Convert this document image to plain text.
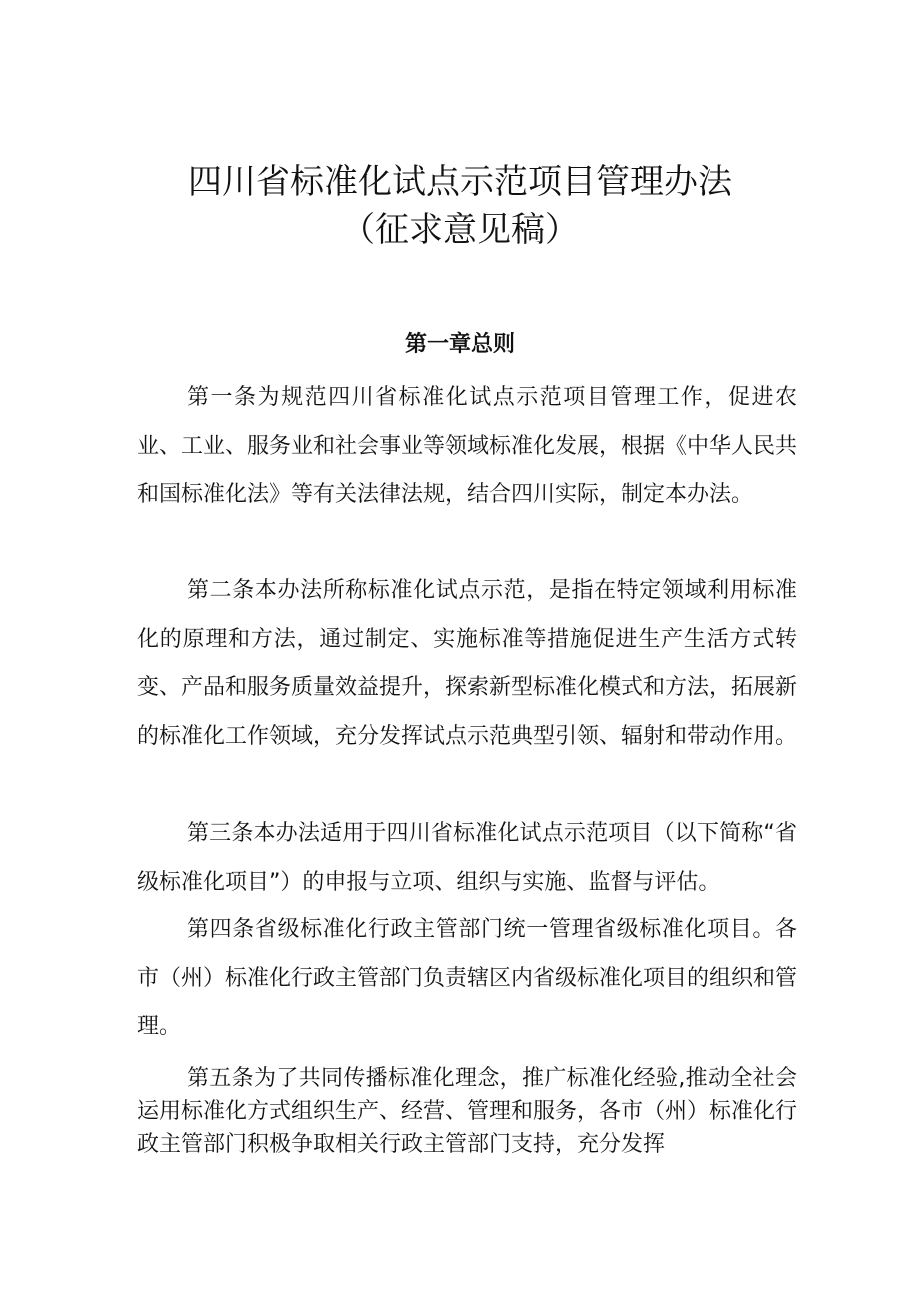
四川省标准化试点示范项目管理办法
（征求意见稿）
第一章总则

第一条为规范四川省标准化试点示范项目管理工作，促进农业、工业、服务业和社会事业等领域标准化发展，根据《中华人民共和国标准化法》等有关法律法规，结合四川实际，制定本办法。

第二条本办法所称标准化试点示范，是指在特定领域利用标准化的原理和方法，通过制定、实施标准等措施促进生产生活方式转变、产品和服务质量效益提升，探索新型标准化模式和方法，拓展新的标准化工作领域，充分发挥试点示范典型引领、辐射和带动作用。

第三条本办法适用于四川省标准化试点示范项目（以下简称“省级标准化项目”）的申报与立项、组织与实施、监督与评估。

第四条省级标准化行政主管部门统一管理省级标准化项目。各市（州）标准化行政主管部门负责辖区内省级标准化项目的组织和管理。

第五条为了共同传播标准化理念，推广标准化经验,推动全社会运用标准化方式组织生产、经营、管理和服务，各市（州）标准化行政主管部门积极争取相关行政主管部门支持，充分发挥
